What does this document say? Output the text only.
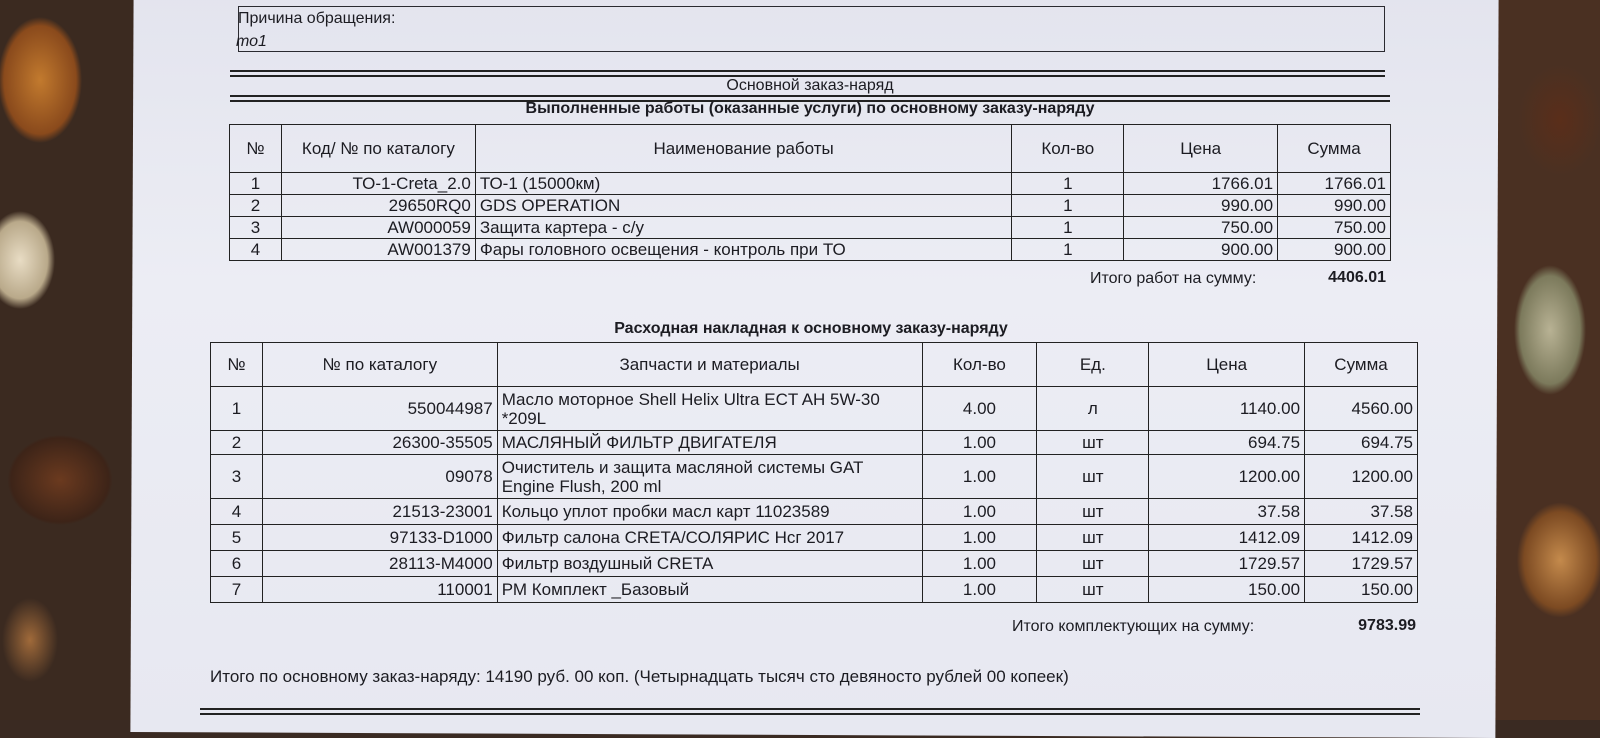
Причина обращения:
то1
Основной заказ-наряд
Выполненные работы (оказанные услуги) по основному заказу-наряду
№	Код/ № по каталогу	Наименование работы	Кол-во	Цена	Сумма
1	ТО-1-Creta_2.0	ТО-1 (15000км)	1	1766.01	1766.01
2	29650RQ0	GDS OPERATION	1	990.00	990.00
3	AW000059	Защита картера - с/у	1	750.00	750.00
4	AW001379	Фары головного освещения - контроль при ТО	1	900.00	900.00
Итого работ на сумму:	4406.01
Расходная накладная к основному заказу-наряду
№	№ по каталогу	Запчасти и материалы	Кол-во	Ед.	Цена	Сумма
1	550044987	Масло моторное Shell Helix Ultra ECT AH 5W-30 *209L	4.00	л	1140.00	4560.00
2	26300-35505	МАСЛЯНЫЙ ФИЛЬТР ДВИГАТЕЛЯ	1.00	шт	694.75	694.75
3	09078	Очиститель и защита масляной системы GAT Engine Flush, 200 ml	1.00	шт	1200.00	1200.00
4	21513-23001	Кольцо уплот пробки масл карт 11023589	1.00	шт	37.58	37.58
5	97133-D1000	Фильтр салона CRETA/СОЛЯРИС Нсг 2017	1.00	шт	1412.09	1412.09
6	28113-M4000	Фильтр воздушный CRETA	1.00	шт	1729.57	1729.57
7	110001	РМ Комплект _Базовый	1.00	шт	150.00	150.00
Итого комплектующих на сумму:	9783.99
Итого по основному заказ-наряду: 14190 руб. 00 коп. (Четырнадцать тысяч сто девяносто рублей 00 копеек)
